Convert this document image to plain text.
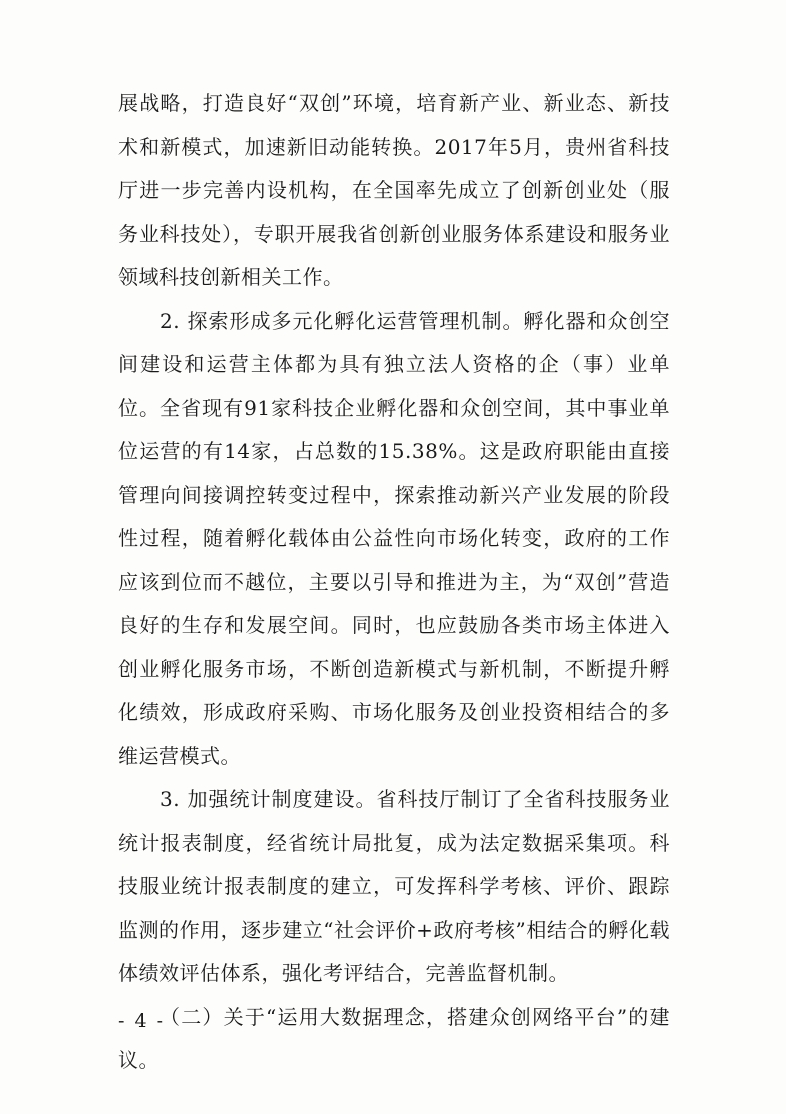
展战略，打造良好“双创”环境，培育新产业、新业态、新技术和新模式，加速新旧动能转换。2017年5月，贵州省科技厅进一步完善内设机构，在全国率先成立了创新创业处（服务业科技处），专职开展我省创新创业服务体系建设和服务业领域科技创新相关工作。

2. 探索形成多元化孵化运营管理机制。孵化器和众创空间建设和运营主体都为具有独立法人资格的企（事）业单位。全省现有91家科技企业孵化器和众创空间，其中事业单位运营的有14家，占总数的15.38%。这是政府职能由直接管理向间接调控转变过程中，探索推动新兴产业发展的阶段性过程，随着孵化载体由公益性向市场化转变，政府的工作应该到位而不越位，主要以引导和推进为主，为“双创”营造良好的生存和发展空间。同时，也应鼓励各类市场主体进入创业孵化服务市场，不断创造新模式与新机制，不断提升孵化绩效，形成政府采购、市场化服务及创业投资相结合的多维运营模式。

3. 加强统计制度建设。省科技厅制订了全省科技服务业统计报表制度，经省统计局批复，成为法定数据采集项。科技服业统计报表制度的建立，可发挥科学考核、评价、跟踪监测的作用，逐步建立“社会评价+政府考核”相结合的孵化载体绩效评估体系，强化考评结合，完善监督机制。

（二）关于“运用大数据理念，搭建众创网络平台”的建议。

- 4 -
